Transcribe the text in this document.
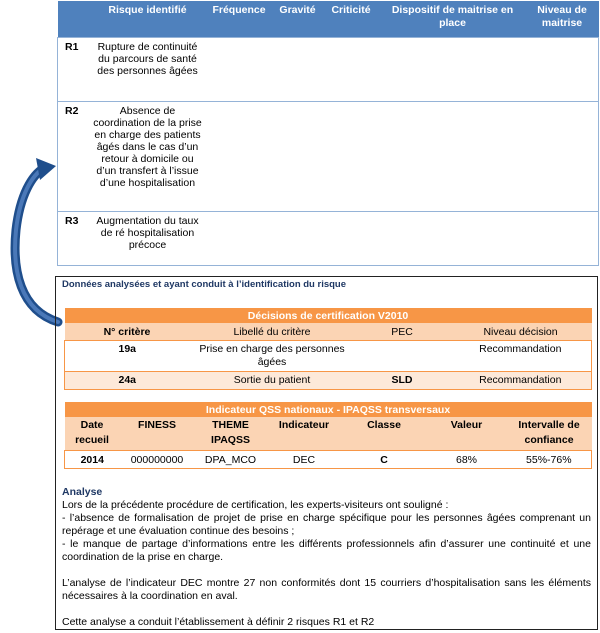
	Risque identifié	Fréquence	Gravité	Criticité	Dispositif de maitrise en place	Niveau de maitrise
R1	Rupture de continuité du parcours de santé des personnes âgées					
R2	Absence de coordination de la prise en charge des patients âgés dans le cas d’un retour à domicile ou d’un transfert à l’issue d’une hospitalisation					
R3	Augmentation du taux de ré hospitalisation précoce					
Données analysées et ayant conduit à l’identification du risque
Décisions de certification V2010			
N° critère	Libellé du critère	PEC	Niveau décision
19a	Prise en charge des personnes âgées		Recommandation
24a	Sortie du patient	SLD	Recommandation
Indicateur QSS nationaux - IPAQSS transversaux						
Date recueil	FINESS	THEME IPAQSS	Indicateur	Classe	Valeur	Intervalle de confiance
2014	000000000	DPA_MCO	DEC	C	68%	55%-76%

Analyse

Lors de la précédente procédure de certification, les experts-visiteurs ont souligné :

- l’absence de formalisation de projet de prise en charge spécifique pour les personnes âgées comprenant un repérage et une évaluation continue des besoins ;

- le manque de partage d’informations entre les différents professionnels afin d’assurer une continuité et une coordination de la prise en charge.

L’analyse de l’indicateur DEC montre 27 non conformités dont 15 courriers d’hospitalisation sans les éléments nécessaires à la coordination en aval.

Cette analyse a conduit l’établissement à définir 2 risques R1 et R2
